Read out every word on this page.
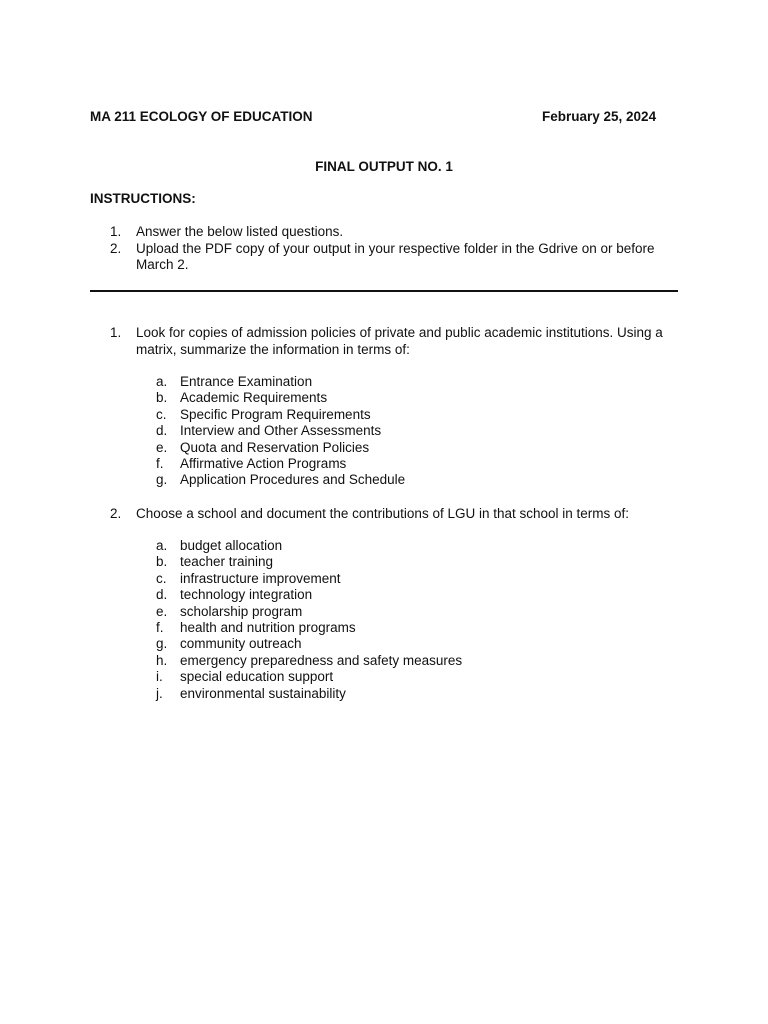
MA 211 ECOLOGY OF EDUCATION	February 25, 2024
FINAL OUTPUT NO. 1
INSTRUCTIONS:
1.	Answer the below listed questions.
2.	Upload the PDF copy of your output in your respective folder in the Gdrive on or before March 2.
1.	Look for copies of admission policies of private and public academic institutions. Using a matrix, summarize the information in terms of:
a. Entrance Examination
b. Academic Requirements
c. Specific Program Requirements
d. Interview and Other Assessments
e. Quota and Reservation Policies
f.	Affirmative Action Programs
g. Application Procedures and Schedule
2.	Choose a school and document the contributions of LGU in that school in terms of:
a. budget allocation
b. teacher training
c. infrastructure improvement
d. technology integration
e. scholarship program
f.	health and nutrition programs
g. community outreach
h. emergency preparedness and safety measures
i.	special education support
j.	environmental sustainability
